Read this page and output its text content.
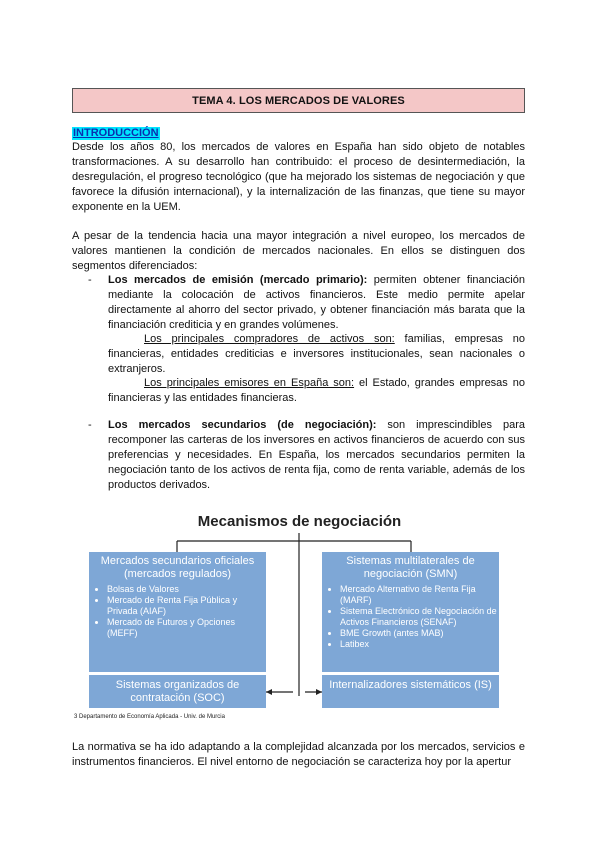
TEMA 4. LOS MERCADOS DE VALORES
INTRODUCCIÓN

Desde los años 80, los mercados de valores en España han sido objeto de notables transformaciones. A su desarrollo han contribuido: el proceso de desintermediación, la desregulación, el progreso tecnológico (que ha mejorado los sistemas de negociación y que favorece la difusión internacional), y la internalización de las finanzas, que tiene su mayor exponente en la UEM.

A pesar de la tendencia hacia una mayor integración a nivel europeo, los mercados de valores mantienen la condición de mercados nacionales. En ellos se distinguen dos segmentos diferenciados:

- Los mercados de emisión (mercado primario): permiten obtener financiación mediante la colocación de activos financieros. Este medio permite apelar directamente al ahorro del sector privado, y obtener financiación más barata que la financiación crediticia y en grandes volúmenes.
Los principales compradores de activos son: familias, empresas no financieras, entidades crediticias e inversores institucionales, sean nacionales o extranjeros.
Los principales emisores en España son: el Estado, grandes empresas no financieras y las entidades financieras.
- Los mercados secundarios (de negociación): son imprescindibles para recomponer las carteras de los inversores en activos financieros de acuerdo con sus preferencias y necesidades. En España, los mercados secundarios permiten la negociación tanto de los activos de renta fija, como de renta variable, además de los productos derivados.
Mecanismos de negociación
Mercados secundarios oficiales (mercados regulados)
• Bolsas de Valores
• Mercado de Renta Fija Pública y Privada (AIAF)
• Mercado de Futuros y Opciones (MEFF)
Sistemas multilaterales de negociación (SMN)
• Mercado Alternativo de Renta Fija (MARF)
• Sistema Electrónico de Negociación de Activos Financieros (SENAF)
• BME Growth (antes MAB)
• Latibex
Sistemas organizados de contratación (SOC)
Internalizadores sistemáticos (IS)
3 Departamento de Economía Aplicada - Univ. de Murcia

La normativa se ha ido adaptando a la complejidad alcanzada por los mercados, servicios e instrumentos financieros. El nivel entorno de negociación se caracteriza hoy por la apertur
